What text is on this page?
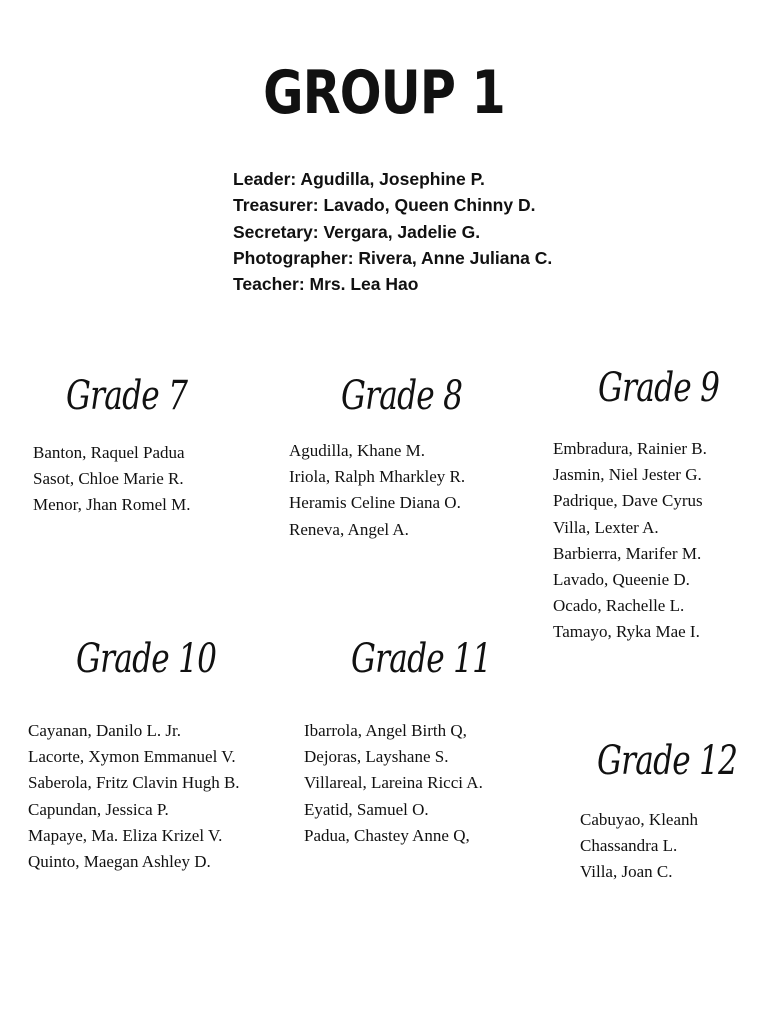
GROUP 1
Leader: Agudilla, Josephine P.
Treasurer: Lavado, Queen Chinny D.
Secretary: Vergara, Jadelie G.
Photographer: Rivera, Anne Juliana C.
Teacher: Mrs. Lea Hao
Grade 7
Banton, Raquel Padua
Sasot, Chloe Marie R.
Menor, Jhan Romel M.
Grade 8
Agudilla, Khane M.
Iriola, Ralph Mharkley R.
Heramis Celine Diana O.
Reneva, Angel A.
Grade 9
Embradura, Rainier B.
Jasmin, Niel Jester G.
Padrique, Dave Cyrus
Villa, Lexter A.
Barbierra, Marifer M.
Lavado, Queenie D.
Ocado, Rachelle L.
Tamayo, Ryka Mae I.
Grade 10
Cayanan, Danilo L. Jr.
Lacorte, Xymon Emmanuel V.
Saberola, Fritz Clavin Hugh B.
Capundan, Jessica P.
Mapaye, Ma. Eliza Krizel V.
Quinto, Maegan Ashley D.
Grade 11
Ibarrola, Angel Birth Q,
Dejoras, Layshane S.
Villareal, Lareina Ricci A.
Eyatid, Samuel O.
Padua, Chastey Anne Q,
Grade 12
Cabuyao, Kleanh
Chassandra L.
Villa, Joan C.
